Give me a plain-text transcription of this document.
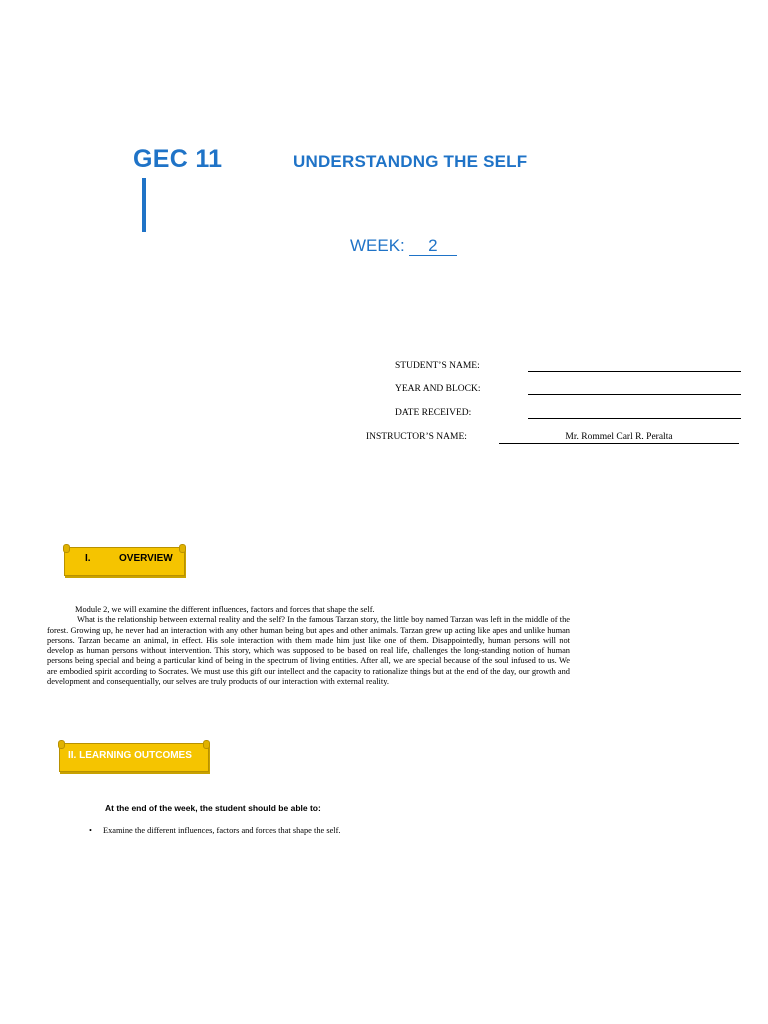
GEC 11	UNDERSTANDNG THE SELF
WEEK: 2
STUDENT’S NAME:
YEAR AND BLOCK:
DATE RECEIVED:
INSTRUCTOR’S NAME:	Mr. Rommel Carl R. Peralta
I.	OVERVIEW

Module 2, we will examine the different influences, factors and forces that shape the self.

What is the relationship between external reality and the self? In the famous Tarzan story, the little boy named Tarzan was left in the middle of the forest. Growing up, he never had an interaction with any other human being but apes and other animals. Tarzan grew up acting like apes and unlike human persons. Tarzan became an animal, in effect. His sole interaction with them made him just like one of them. Disappointedly, human persons will not develop as human persons without intervention. This story, which was supposed to be based on real life, challenges the long-standing notion of human persons being special and being a particular kind of being in the spectrum of living entities. After all, we are special because of the soul infused to us. We are embodied spirit according to Socrates. We must use this gift our intellect and the capacity to rationalize things but at the end of the day, our growth and development and consequentially, our selves are truly products of our interaction with external reality.

II. LEARNING OUTCOMES
At the end of the week, the student should be able to:
• Examine the different influences, factors and forces that shape the self.
